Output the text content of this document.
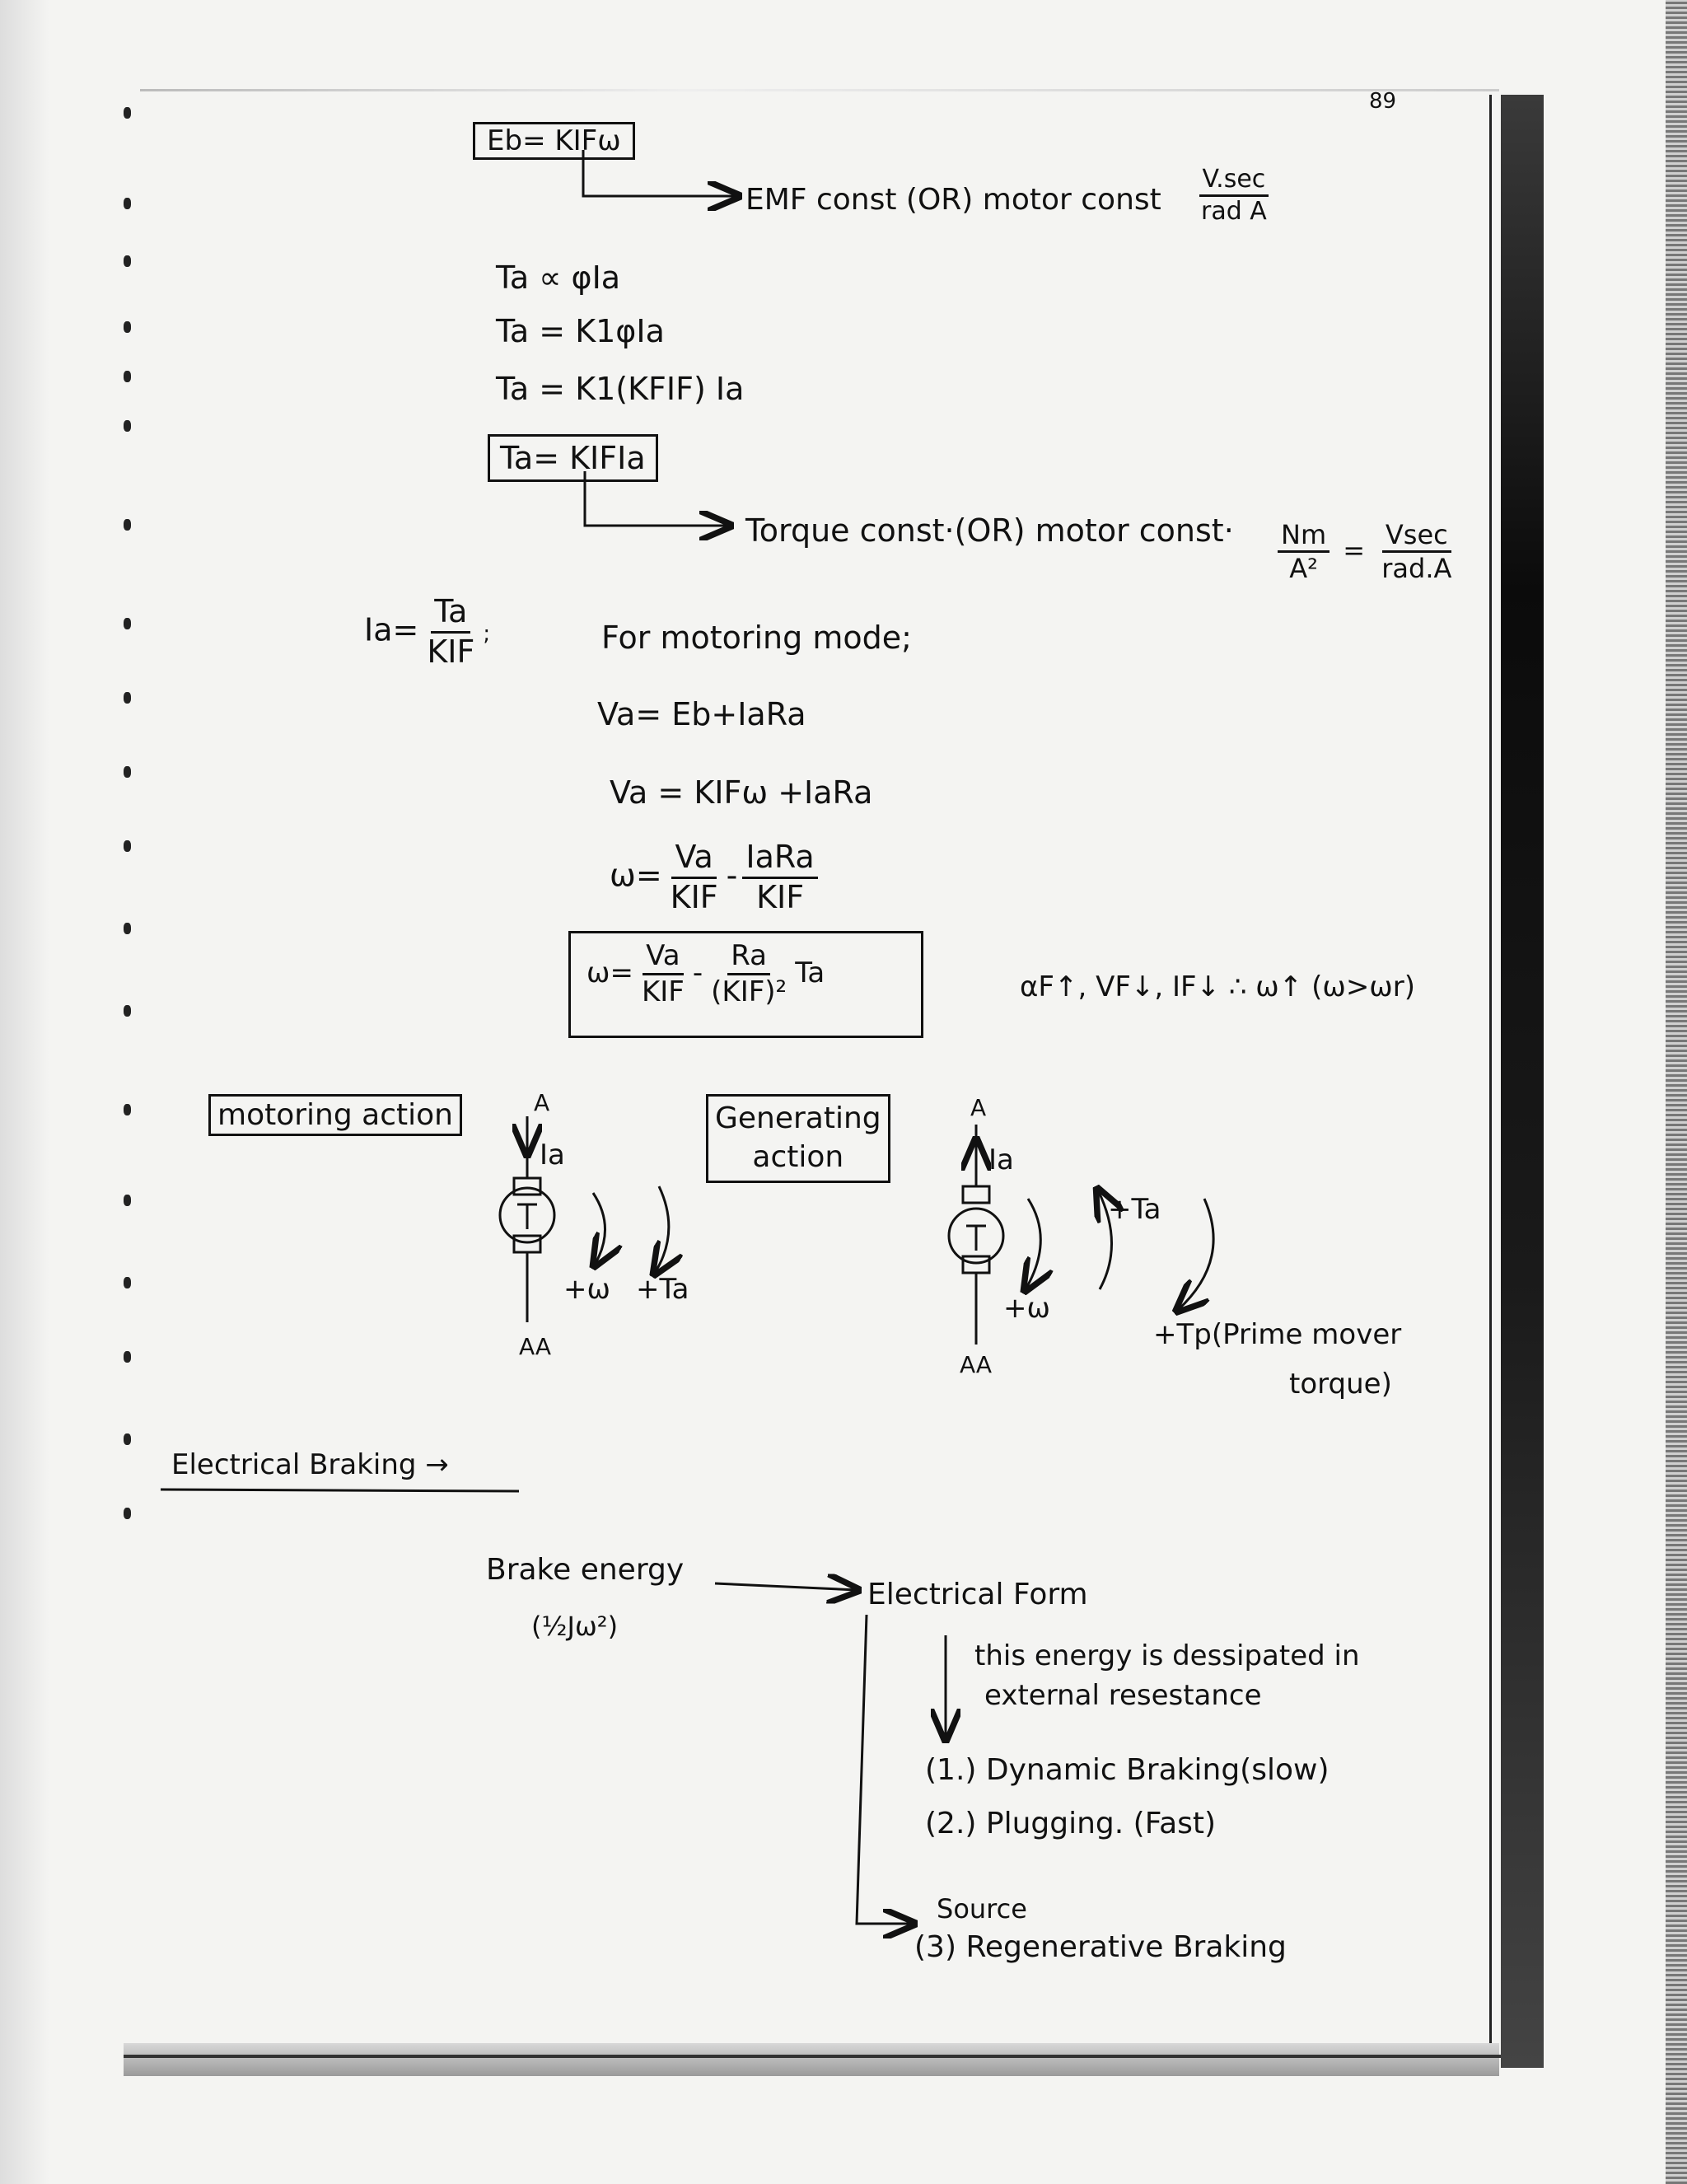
89
Eb= KIFω
EMF const (OR) motor const $\frac{V.\sec}{\text{rad A}}$
Ta ∝ φIa
Ta = K1φIa
Ta = K1(KFIF) Ia
Ta= KIFIa
Torque const·(OR) motor const· $\frac{Nm}{\text{A²}} = \frac{Vsec}{\text{rad.A}}$
$Ia= \frac{Ta}{\text{KIF}}$ ;	For motoring mode;
Va= Eb+IaRa
Va = KIFω +IaRa
$\omega= \frac{Va}{\text{KIF}} - \frac{\text{IaRa}}{\text{KIF}}$
$\omega= \frac{Va}{\text{KIF}} - \frac{Ra}{\text{(KIF)²}}$ Ta	αF↑, VF↓, IF↓ ∴ ω↑ (ω>ωr)
motoring action	Generating
action
A
Ia
AA
+ω +Ta
A
Ia
AA
+ω
+Ta
+Tp(Prime mover
torque)
Electrical Braking →
Brake energy
(½Jω²)
Electrical Form
this energy is dessipated in
external resestance
(1.) Dynamic Braking(slow)
(2.) Plugging. (Fast)
Source
(3) Regenerative Braking
